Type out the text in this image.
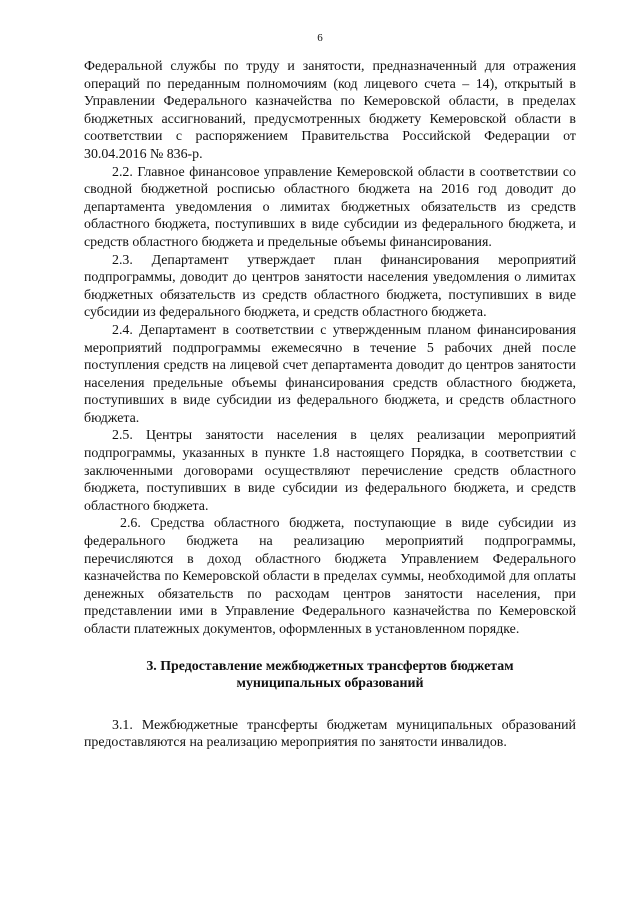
6

Федеральной службы по труду и занятости, предназначенный для отражения операций по переданным полномочиям (код лицевого счета – 14), открытый в Управлении Федерального казначейства по Кемеровской области, в пределах бюджетных ассигнований, предусмотренных бюджету Кемеровской области в соответствии с распоряжением Правительства Российской Федерации от 30.04.2016 № 836-р.

2.2. Главное финансовое управление Кемеровской области в соответствии со сводной бюджетной росписью областного бюджета на 2016 год доводит до департамента уведомления о лимитах бюджетных обязательств из средств областного бюджета, поступивших в виде субсидии из федерального бюджета, и средств областного бюджета и предельные объемы финансирования.

2.3. Департамент утверждает план финансирования мероприятий подпрограммы, доводит до центров занятости населения уведомления о лимитах бюджетных обязательств из средств областного бюджета, поступивших в виде субсидии из федерального бюджета, и средств областного бюджета.

2.4. Департамент в соответствии с утвержденным планом финансирования мероприятий подпрограммы ежемесячно в течение 5 рабочих дней после поступления средств на лицевой счет департамента доводит до центров занятости населения предельные объемы финансирования средств областного бюджета, поступивших в виде субсидии из федерального бюджета, и средств областного бюджета.

2.5. Центры занятости населения в целях реализации мероприятий подпрограммы, указанных в пункте 1.8 настоящего Порядка, в соответствии с заключенными договорами осуществляют перечисление средств областного бюджета, поступивших в виде субсидии из федерального бюджета, и средств областного бюджета.

2.6. Средства областного бюджета, поступающие в виде субсидии из федерального бюджета на реализацию мероприятий подпрограммы, перечисляются в доход областного бюджета Управлением Федерального казначейства по Кемеровской области в пределах суммы, необходимой для оплаты денежных обязательств по расходам центров занятости населения, при представлении ими в Управление Федерального казначейства по Кемеровской области платежных документов, оформленных в установленном порядке.

3. Предоставление межбюджетных трансфертов бюджетам
муниципальных образований

3.1. Межбюджетные трансферты бюджетам муниципальных образований предоставляются на реализацию мероприятия по занятости инвалидов.
